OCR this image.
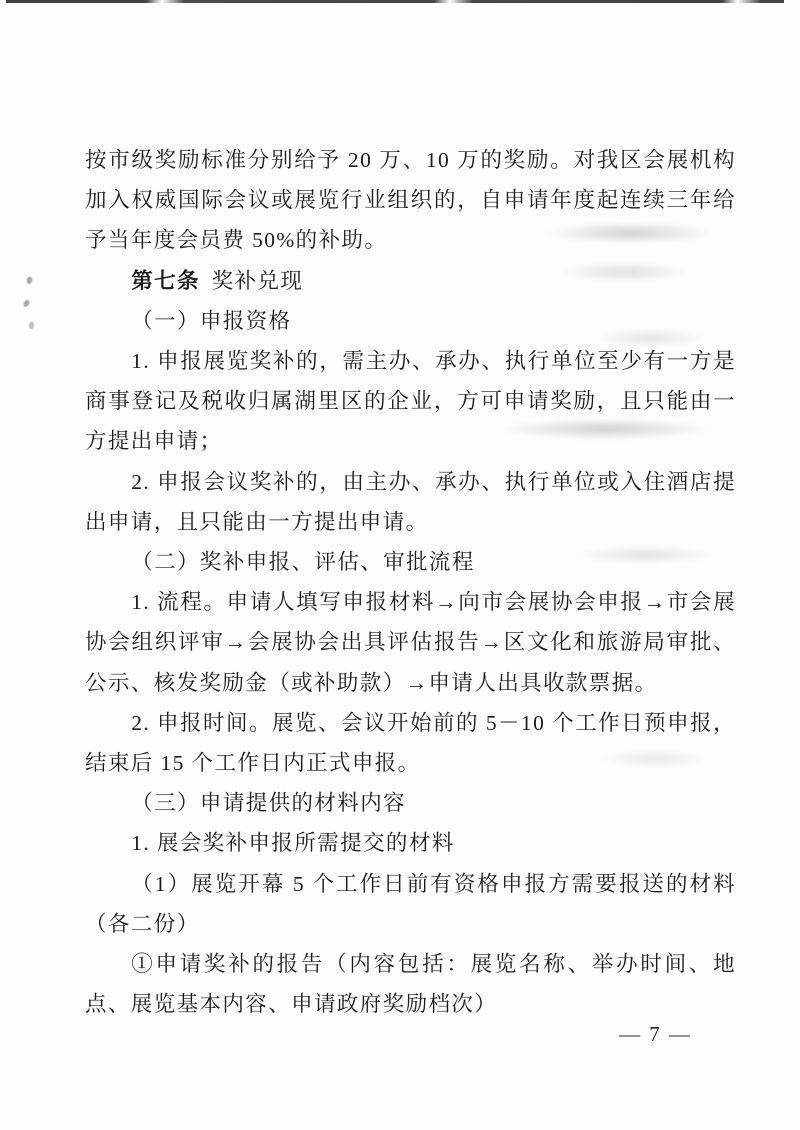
按市级奖励标准分别给予 20 万、10 万的奖励。对我区会展机构加入权威国际会议或展览行业组织的，自申请年度起连续三年给予当年度会员费 50%的补助。

第七条 奖补兑现

（一）申报资格

1. 申报展览奖补的，需主办、承办、执行单位至少有一方是商事登记及税收归属湖里区的企业，方可申请奖励，且只能由一方提出申请；

2. 申报会议奖补的，由主办、承办、执行单位或入住酒店提出申请，且只能由一方提出申请。

（二）奖补申报、评估、审批流程

1. 流程。申请人填写申报材料→向市会展协会申报→市会展协会组织评审→会展协会出具评估报告→区文化和旅游局审批、公示、核发奖励金（或补助款）→申请人出具收款票据。

2. 申报时间。展览、会议开始前的 5－10 个工作日预申报，结束后 15 个工作日内正式申报。

（三）申请提供的材料内容

1. 展会奖补申报所需提交的材料

（1）展览开幕 5 个工作日前有资格申报方需要报送的材料（各二份）

①申请奖补的报告（内容包括：展览名称、举办时间、地点、展览基本内容、申请政府奖励档次）

— 7 —
